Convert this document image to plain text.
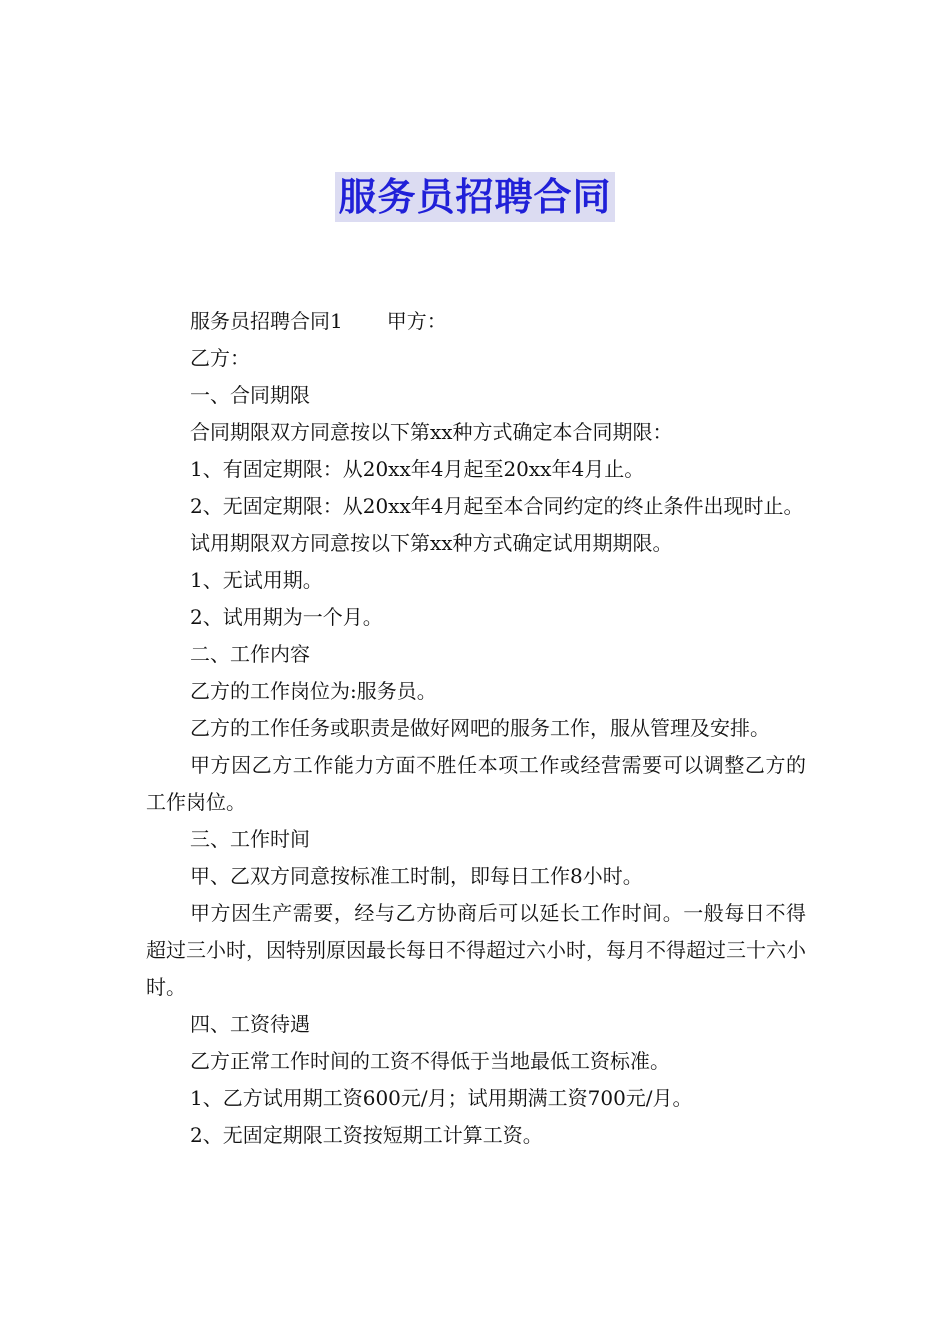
服务员招聘合同

服务员招聘合同1 甲方：

乙方：

一、合同期限

合同期限双方同意按以下第xx种方式确定本合同期限：

1、有固定期限：从20xx年4月起至20xx年4月止。

2、无固定期限：从20xx年4月起至本合同约定的终止条件出现时止。

试用期限双方同意按以下第xx种方式确定试用期期限。

1、无试用期。

2、试用期为一个月。

二、工作内容

乙方的工作岗位为:服务员。

乙方的工作任务或职责是做好网吧的服务工作，服从管理及安排。

甲方因乙方工作能力方面不胜任本项工作或经营需要可以调整乙方的工作岗位。

三、工作时间

甲、乙双方同意按标准工时制，即每日工作8小时。

甲方因生产需要，经与乙方协商后可以延长工作时间。一般每日不得超过三小时，因特别原因最长每日不得超过六小时，每月不得超过三十六小时。

四、工资待遇

乙方正常工作时间的工资不得低于当地最低工资标准。

1、乙方试用期工资600元/月；试用期满工资700元/月。

2、无固定期限工资按短期工计算工资。
